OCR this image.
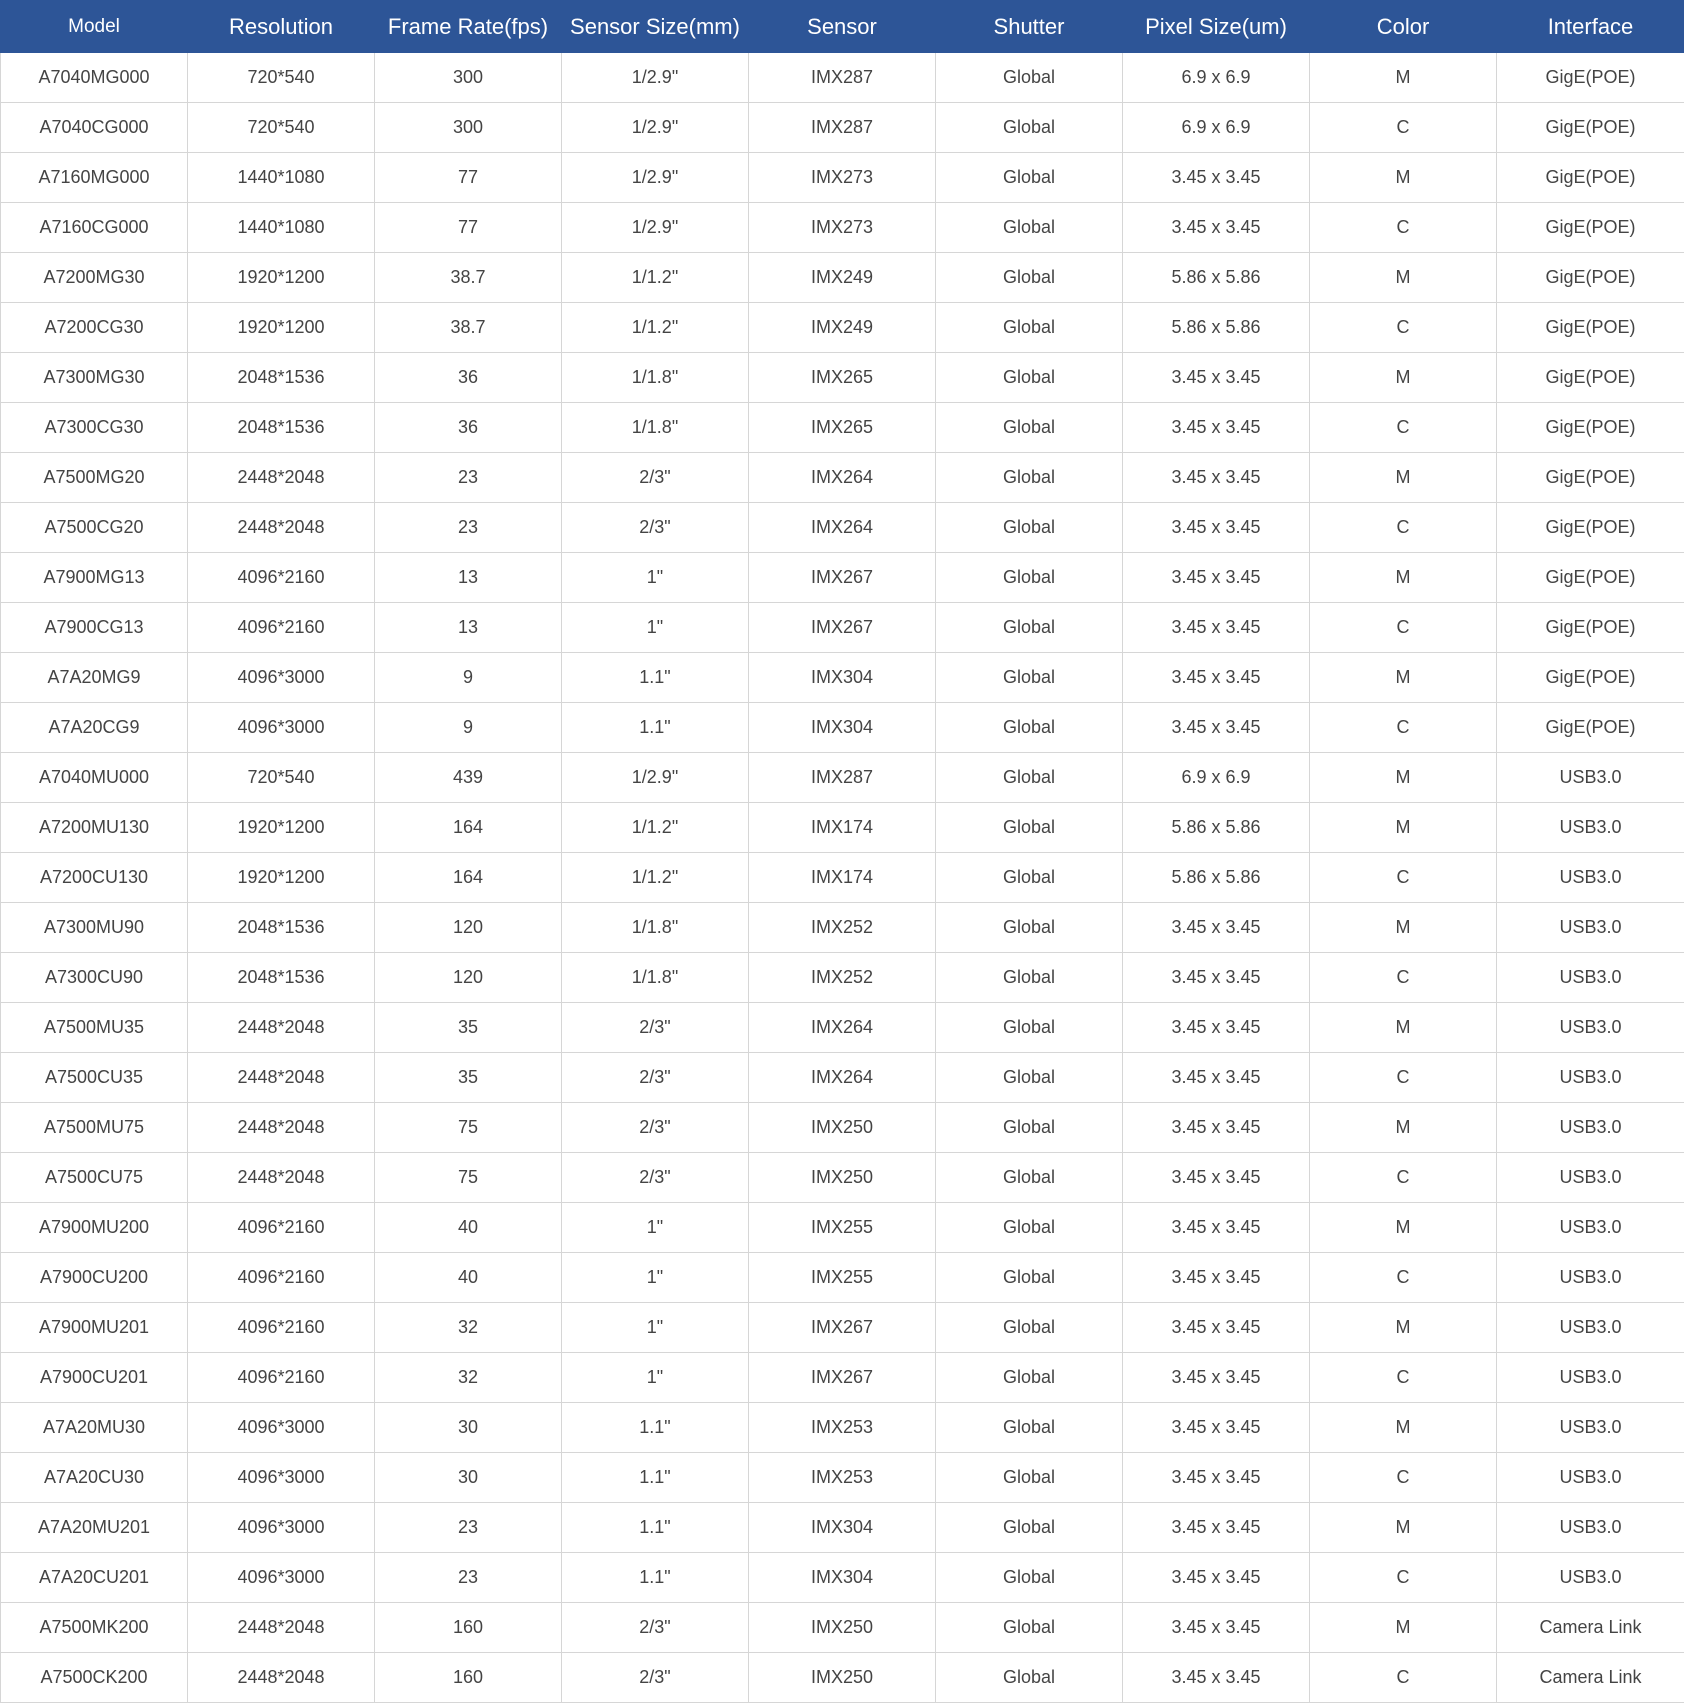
Model	Resolution	Frame Rate(fps)	Sensor Size(mm)	Sensor	Shutter	Pixel Size(um)	Color	Interface
A7040MG000	720*540	300	1/2.9"	IMX287	Global	6.9 x 6.9	M	GigE(POE)
A7040CG000	720*540	300	1/2.9"	IMX287	Global	6.9 x 6.9	C	GigE(POE)
A7160MG000	1440*1080	77	1/2.9"	IMX273	Global	3.45 x 3.45	M	GigE(POE)
A7160CG000	1440*1080	77	1/2.9"	IMX273	Global	3.45 x 3.45	C	GigE(POE)
A7200MG30	1920*1200	38.7	1/1.2"	IMX249	Global	5.86 x 5.86	M	GigE(POE)
A7200CG30	1920*1200	38.7	1/1.2"	IMX249	Global	5.86 x 5.86	C	GigE(POE)
A7300MG30	2048*1536	36	1/1.8"	IMX265	Global	3.45 x 3.45	M	GigE(POE)
A7300CG30	2048*1536	36	1/1.8"	IMX265	Global	3.45 x 3.45	C	GigE(POE)
A7500MG20	2448*2048	23	2/3"	IMX264	Global	3.45 x 3.45	M	GigE(POE)
A7500CG20	2448*2048	23	2/3"	IMX264	Global	3.45 x 3.45	C	GigE(POE)
A7900MG13	4096*2160	13	1"	IMX267	Global	3.45 x 3.45	M	GigE(POE)
A7900CG13	4096*2160	13	1"	IMX267	Global	3.45 x 3.45	C	GigE(POE)
A7A20MG9	4096*3000	9	1.1"	IMX304	Global	3.45 x 3.45	M	GigE(POE)
A7A20CG9	4096*3000	9	1.1"	IMX304	Global	3.45 x 3.45	C	GigE(POE)
A7040MU000	720*540	439	1/2.9"	IMX287	Global	6.9 x 6.9	M	USB3.0
A7200MU130	1920*1200	164	1/1.2"	IMX174	Global	5.86 x 5.86	M	USB3.0
A7200CU130	1920*1200	164	1/1.2"	IMX174	Global	5.86 x 5.86	C	USB3.0
A7300MU90	2048*1536	120	1/1.8"	IMX252	Global	3.45 x 3.45	M	USB3.0
A7300CU90	2048*1536	120	1/1.8"	IMX252	Global	3.45 x 3.45	C	USB3.0
A7500MU35	2448*2048	35	2/3"	IMX264	Global	3.45 x 3.45	M	USB3.0
A7500CU35	2448*2048	35	2/3"	IMX264	Global	3.45 x 3.45	C	USB3.0
A7500MU75	2448*2048	75	2/3"	IMX250	Global	3.45 x 3.45	M	USB3.0
A7500CU75	2448*2048	75	2/3"	IMX250	Global	3.45 x 3.45	C	USB3.0
A7900MU200	4096*2160	40	1"	IMX255	Global	3.45 x 3.45	M	USB3.0
A7900CU200	4096*2160	40	1"	IMX255	Global	3.45 x 3.45	C	USB3.0
A7900MU201	4096*2160	32	1"	IMX267	Global	3.45 x 3.45	M	USB3.0
A7900CU201	4096*2160	32	1"	IMX267	Global	3.45 x 3.45	C	USB3.0
A7A20MU30	4096*3000	30	1.1"	IMX253	Global	3.45 x 3.45	M	USB3.0
A7A20CU30	4096*3000	30	1.1"	IMX253	Global	3.45 x 3.45	C	USB3.0
A7A20MU201	4096*3000	23	1.1"	IMX304	Global	3.45 x 3.45	M	USB3.0
A7A20CU201	4096*3000	23	1.1"	IMX304	Global	3.45 x 3.45	C	USB3.0
A7500MK200	2448*2048	160	2/3"	IMX250	Global	3.45 x 3.45	M	Camera Link
A7500CK200	2448*2048	160	2/3"	IMX250	Global	3.45 x 3.45	C	Camera Link
